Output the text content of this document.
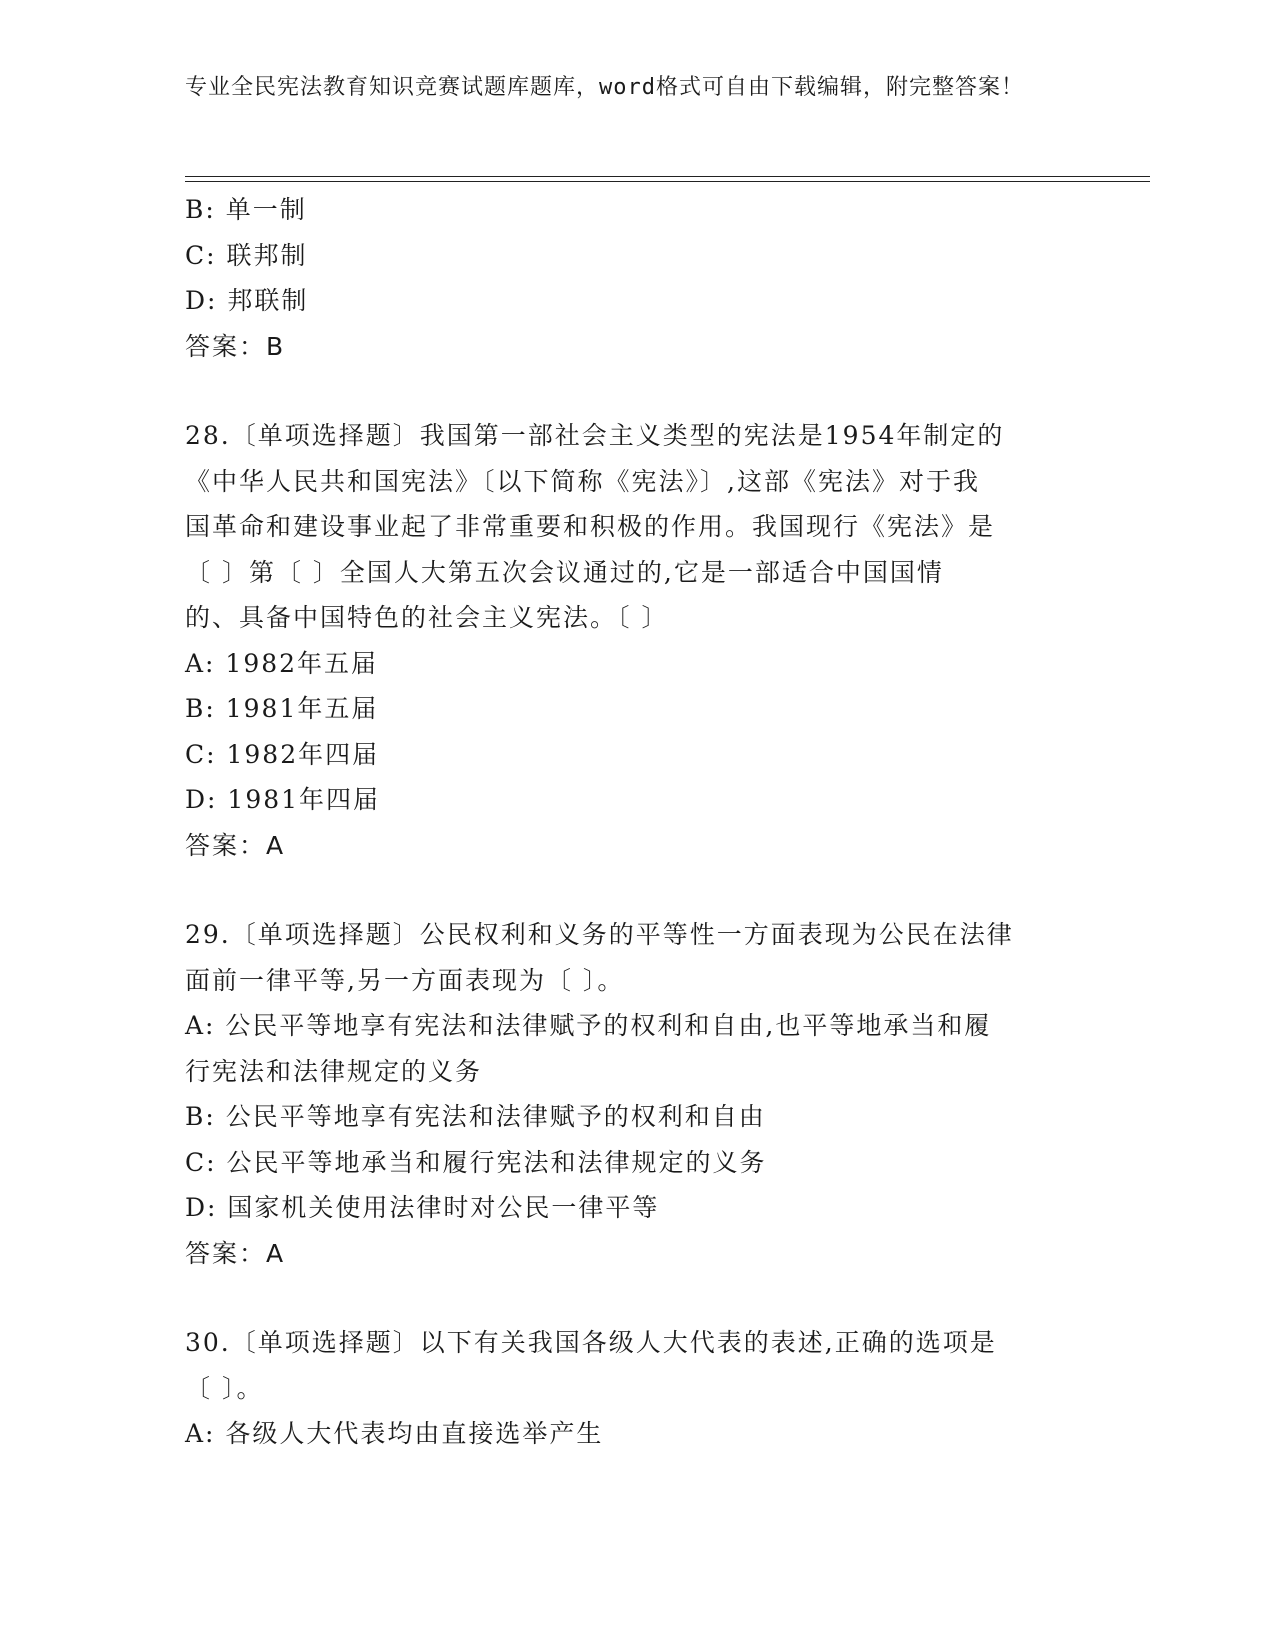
专业全民宪法教育知识竞赛试题库题库，word格式可自由下载编辑，附完整答案！
B: 单一制
C: 联邦制
D: 邦联制
答案：B
28.〔单项选择题〕我国第一部社会主义类型的宪法是1954年制定的
《中华人民共和国宪法》〔以下简称《宪法》〕,这部《宪法》对于我
国革命和建设事业起了非常重要和积极的作用。我国现行《宪法》是
〔 〕第〔 〕全国人大第五次会议通过的,它是一部适合中国国情
的、具备中国特色的社会主义宪法。〔 〕
A: 1982年五届
B: 1981年五届
C: 1982年四届
D: 1981年四届
答案：A
29.〔单项选择题〕公民权利和义务的平等性一方面表现为公民在法律
面前一律平等,另一方面表现为〔 〕。
A: 公民平等地享有宪法和法律赋予的权利和自由,也平等地承当和履
行宪法和法律规定的义务
B: 公民平等地享有宪法和法律赋予的权利和自由
C: 公民平等地承当和履行宪法和法律规定的义务
D: 国家机关使用法律时对公民一律平等
答案：A
30.〔单项选择题〕以下有关我国各级人大代表的表述,正确的选项是
〔 〕。
A: 各级人大代表均由直接选举产生
